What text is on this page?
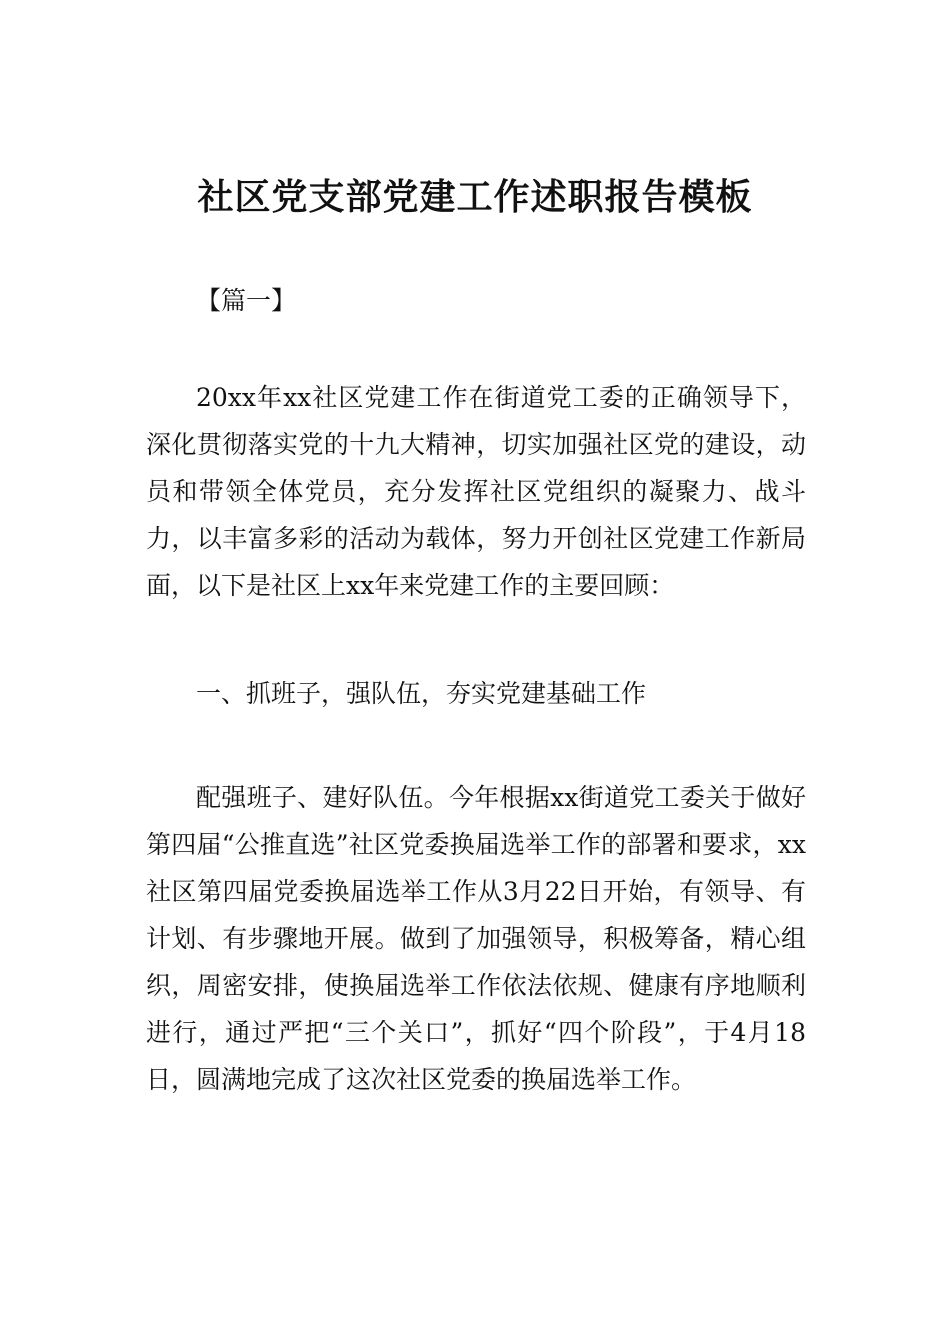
社区党支部党建工作述职报告模板

【篇一】

20xx年xx社区党建工作在街道党工委的正确领导下，深化贯彻落实党的十九大精神，切实加强社区党的建设，动员和带领全体党员，充分发挥社区党组织的凝聚力、战斗力，以丰富多彩的活动为载体，努力开创社区党建工作新局面，以下是社区上xx年来党建工作的主要回顾：

一、抓班子，强队伍，夯实党建基础工作

配强班子、建好队伍。今年根据xx街道党工委关于做好第四届“公推直选”社区党委换届选举工作的部署和要求，xx社区第四届党委换届选举工作从3月22日开始，有领导、有计划、有步骤地开展。做到了加强领导，积极筹备，精心组织，周密安排，使换届选举工作依法依规、健康有序地顺利进行，通过严把“三个关口”，抓好“四个阶段”，于4月18日，圆满地完成了这次社区党委的换届选举工作。
